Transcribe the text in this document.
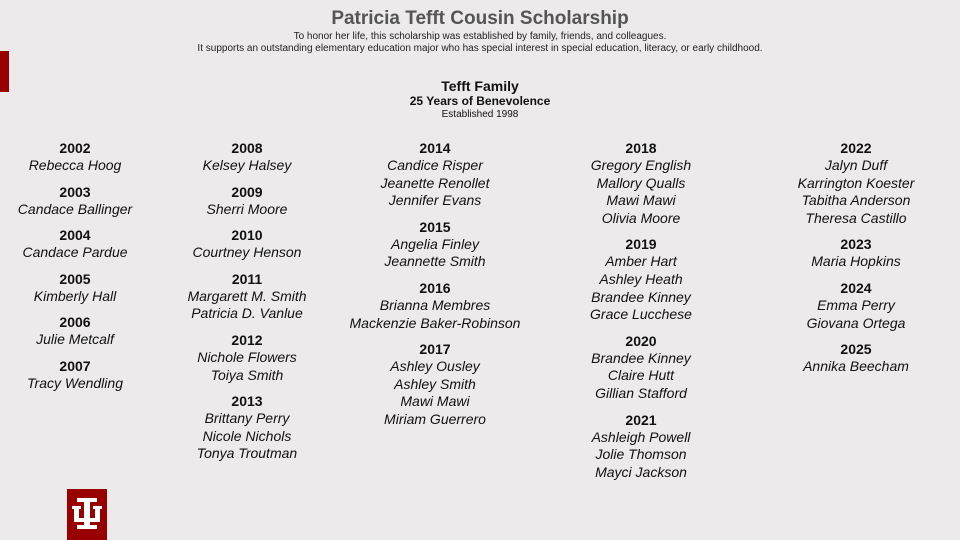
Patricia Tefft Cousin Scholarship
To honor her life, this scholarship was established by family, friends, and colleagues.
It supports an outstanding elementary education major who has special interest in special education, literacy, or early childhood.
Tefft Family
25 Years of Benevolence
Established 1998
2002
Rebecca Hoog
2003
Candace Ballinger
2004
Candace Pardue
2005
Kimberly Hall
2006
Julie Metcalf
2007
Tracy Wendling
2008
Kelsey Halsey
2009
Sherri Moore
2010
Courtney Henson
2011
Margarett M. Smith
Patricia D. Vanlue
2012
Nichole Flowers
Toiya Smith
2013
Brittany Perry
Nicole Nichols
Tonya Troutman
2014
Candice Risper
Jeanette Renollet
Jennifer Evans
2015
Angelia Finley
Jeannette Smith
2016
Brianna Membres
Mackenzie Baker-Robinson
2017
Ashley Ousley
Ashley Smith
Mawi Mawi
Miriam Guerrero
2018
Gregory English
Mallory Qualls
Mawi Mawi
Olivia Moore
2019
Amber Hart
Ashley Heath
Brandee Kinney
Grace Lucchese
2020
Brandee Kinney
Claire Hutt
Gillian Stafford
2021
Ashleigh Powell
Jolie Thomson
Mayci Jackson
2022
Jalyn Duff
Karrington Koester
Tabitha Anderson
Theresa Castillo
2023
Maria Hopkins
2024
Emma Perry
Giovana Ortega
2025
Annika Beecham
